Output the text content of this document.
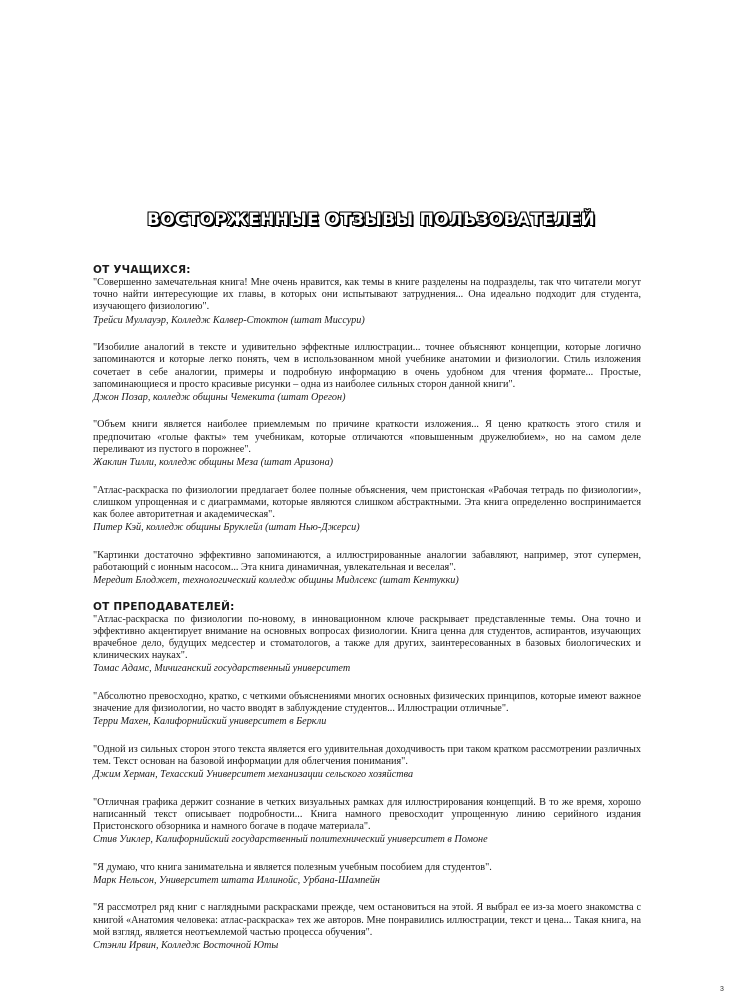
ВОСТОРЖЕННЫЕ ОТЗЫВЫ ПОЛЬЗОВАТЕЛЕЙ
ОТ УЧАЩИХСЯ:

"Совершенно замечательная книга! Мне очень нравится, как темы в книге разделены на подразделы, так что читатели могут точно найти интересующие их главы, в которых они испытывают затруднения... Она идеально подходит для студента, изучающего физиологию".

Трейси Муллауэр, Колледж Калвер-Стоктон (штат Миссури)

"Изобилие аналогий в тексте и удивительно эффектные иллюстрации... точнее объясняют концепции, которые логично запоминаются и которые легко понять, чем в использованном мной учебнике анатомии и физиологии. Стиль изложения сочетает в себе аналогии, примеры и подробную информацию в очень удобном для чтения формате... Простые, запоминающиеся и просто красивые рисунки – одна из наиболее сильных сторон данной книги".

Джон Позар, колледж общины Чемекита (штат Орегон)

"Объем книги является наиболее приемлемым по причине краткости изложения... Я ценю краткость этого стиля и предпочитаю «голые факты» тем учебникам, которые отличаются «повышенным дружелюбием», но на самом деле переливают из пустого в порожнее".

Жаклин Тилли, колледж общины Меза (штат Аризона)

"Атлас-раскраска по физиологии предлагает более полные объяснения, чем пристонская «Рабочая тетрадь по физиологии», слишком упрощенная и с диаграммами, которые являются слишком абстрактными. Эта книга определенно воспринимается как более авторитетная и академическая".

Питер Кэй, колледж общины Бруклейл (штат Нью-Джерси)

"Картинки достаточно эффективно запоминаются, а иллюстрированные аналогии забавляют, например, этот супермен, работающий с ионным насосом... Эта книга динамичная, увлекательная и веселая".

Мередит Блоджет, технологический колледж общины Мидлсекс (штат Кентукки)

ОТ ПРЕПОДАВАТЕЛЕЙ:

"Атлас-раскраска по физиологии по-новому, в инновационном ключе раскрывает представленные темы. Она точно и эффективно акцентирует внимание на основных вопросах физиологии. Книга ценна для студентов, аспирантов, изучающих врачебное дело, будущих медсестер и стоматологов, а также для других, заинтересованных в базовых биологических и клинических науках".

Томас Адамс, Мичиганский государственный университет

"Абсолютно превосходно, кратко, с четкими объяснениями многих основных физических принципов, которые имеют важное значение для физиологии, но часто вводят в заблуждение студентов... Иллюстрации отличные".

Терри Махен, Калифорнийский университет в Беркли

"Одной из сильных сторон этого текста является его удивительная доходчивость при таком кратком рассмотрении различных тем. Текст основан на базовой информации для облегчения понимания".

Джим Херман, Техасский Университет механизации сельского хозяйства

"Отличная графика держит сознание в четких визуальных рамках для иллюстрирования концепций. В то же время, хорошо написанный текст описывает подробности... Книга намного превосходит упрощенную линию серийного издания Пристонского обзорника и намного богаче в подаче материала".

Стив Уиклер, Калифорнийский государственный политехнический университет в Помоне

"Я думаю, что книга занимательна и является полезным учебным пособием для студентов".

Марк Нельсон, Университет штата Иллинойс, Урбана-Шампейн

"Я рассмотрел ряд книг с наглядными раскрасками прежде, чем остановиться на этой. Я выбрал ее из-за моего знакомства с книгой «Анатомия человека: атлас-раскраска» тех же авторов. Мне понравились иллюстрации, текст и цена... Такая книга, на мой взгляд, является неотъемлемой частью процесса обучения".

Стэнли Ирвин, Колледж Восточной Юты

3
